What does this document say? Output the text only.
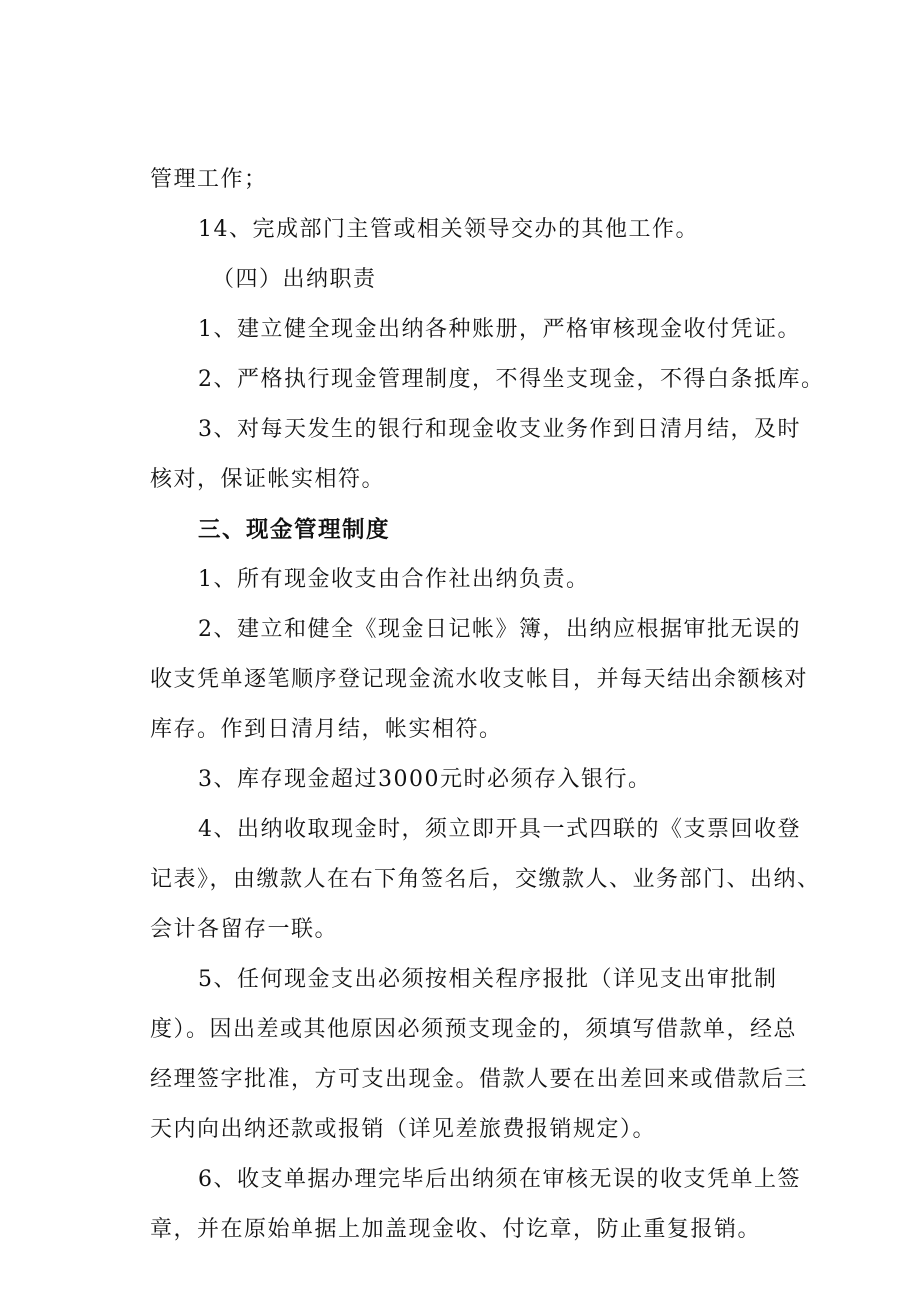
管理工作；

14、完成部门主管或相关领导交办的其他工作。

（四）出纳职责

1、建立健全现金出纳各种账册，严格审核现金收付凭证。

2、严格执行现金管理制度，不得坐支现金，不得白条抵库。

3、对每天发生的银行和现金收支业务作到日清月结，及时

核对，保证帐实相符。

三、现金管理制度

1、所有现金收支由合作社出纳负责。

2、建立和健全《现金日记帐》簿，出纳应根据审批无误的

收支凭单逐笔顺序登记现金流水收支帐目，并每天结出余额核对

库存。作到日清月结，帐实相符。

3、库存现金超过3000元时必须存入银行。

4、出纳收取现金时，须立即开具一式四联的《支票回收登

记表》，由缴款人在右下角签名后，交缴款人、业务部门、出纳、

会计各留存一联。

5、任何现金支出必须按相关程序报批（详见支出审批制

度）。因出差或其他原因必须预支现金的，须填写借款单，经总

经理签字批准，方可支出现金。借款人要在出差回来或借款后三

天内向出纳还款或报销（详见差旅费报销规定）。

6、收支单据办理完毕后出纳须在审核无误的收支凭单上签

章，并在原始单据上加盖现金收、付讫章，防止重复报销。
